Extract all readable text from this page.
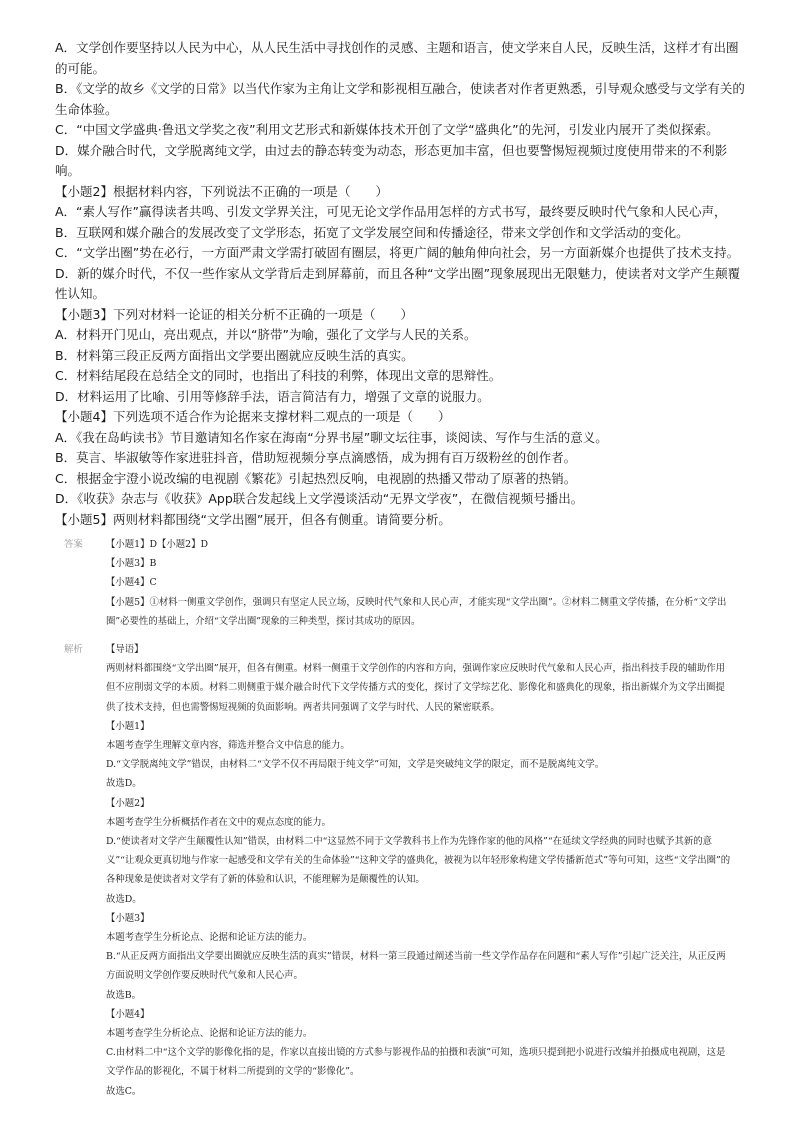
A．文学创作要坚持以人民为中心，从人民生活中寻找创作的灵感、主题和语言，使文学来自人民，反映生活，这样才有出圈的可能。

B．《文学的故乡《文学的日常》以当代作家为主角让文学和影视相互融合，使读者对作者更熟悉，引导观众感受与文学有关的生命体验。

C．“中国文学盛典·鲁迅文学奖之夜”利用文艺形式和新媒体技术开创了文学“盛典化”的先河，引发业内展开了类似探索。

D．媒介融合时代，文学脱离纯文学，由过去的静态转变为动态，形态更加丰富，但也要警惕短视频过度使用带来的不利影响。

【小题2】根据材料内容，下列说法不正确的一项是（　　）

A．“素人写作”赢得读者共鸣、引发文学界关注，可见无论文学作品用怎样的方式书写，最终要反映时代气象和人民心声，

B．互联网和媒介融合的发展改变了文学形态，拓宽了文学发展空间和传播途径，带来文学创作和文学活动的变化。

C．“文学出圈”势在必行，一方面严肃文学需打破固有圈层，将更广阔的触角伸向社会，另一方面新媒介也提供了技术支持。

D．新的媒介时代，不仅一些作家从文学背后走到屏幕前，而且各种“文学出圈”现象展现出无限魅力，使读者对文学产生颠覆性认知。

【小题3】下列对材料一论证的相关分析不正确的一项是（　　）

A．材料开门见山，亮出观点，并以“脐带”为喻，强化了文学与人民的关系。

B．材料第三段正反两方面指出文学要出圈就应反映生活的真实。

C．材料结尾段在总结全文的同时，也指出了科技的利弊，体现出文章的思辩性。

D．材料运用了比喻、引用等修辞手法，语言简洁有力，增强了文章的说服力。

【小题4】下列选项不适合作为论据来支撑材料二观点的一项是（　　）

A．《我在岛屿读书》节目邀请知名作家在海南“分界书屋”聊文坛往事，谈阅读、写作与生活的意义。

B．莫言、毕淑敏等作家进驻抖音，借助短视频分享点滴感悟，成为拥有百万级粉丝的创作者。

C．根据金宇澄小说改编的电视剧《繁花》引起热烈反响，电视剧的热播又带动了原著的热销。

D．《收获》杂志与《收获》App联合发起线上文学漫谈活动“无界文学夜”，在微信视频号播出。

【小题5】两则材料都围绕“文学出圈”展开，但各有侧重。请简要分析。

答案	【小题1】D【小题2】D

【小题3】B

【小题4】C

【小题5】①材料一侧重文学创作，强调只有坚定人民立场，反映时代气象和人民心声，才能实现“文学出圈”。②材料二侧重文学传播，在分析“文学出圈”必要性的基础上，介绍“文学出圈”现象的三种类型，探讨其成功的原因。

解析	【导语】

两则材料都围绕“文学出圈”展开，但各有侧重。材料一侧重于文学创作的内容和方向，强调作家应反映时代气象和人民心声，指出科技手段的辅助作用但不应削弱文学的本质。材料二则侧重于媒介融合时代下文学传播方式的变化，探讨了文学综艺化、影像化和盛典化的现象，指出新媒介为文学出圈提供了技术支持，但也需警惕短视频的负面影响。两者共同强调了文学与时代、人民的紧密联系。

【小题1】

本题考查学生理解文章内容，筛选并整合文中信息的能力。

D.“文学脱离纯文学”错误，由材料二“文学不仅不再局限于纯文学”可知，文学是突破纯文学的限定，而不是脱离纯文学。

故选D。

【小题2】

本题考查学生分析概括作者在文中的观点态度的能力。

D.“使读者对文学产生颠覆性认知”错误，由材料二中“这显然不同于文学教科书上作为先锋作家的他的风格”“在延续文学经典的同时也赋予其新的意义”“让观众更真切地与作家一起感受和文学有关的生命体验”“这种文学的盛典化，被视为以年轻形象构建文学传播新范式”等句可知，这些“文学出圈”的各种现象是使读者对文学有了新的体验和认识，不能理解为是颠覆性的认知。

故选D。

【小题3】

本题考查学生分析论点、论据和论证方法的能力。

B.“从正反两方面指出文学要出圈就应反映生活的真实”错误，材料一第三段通过阐述当前一些文学作品存在问题和“素人写作”引起广泛关注，从正反两方面说明文学创作要反映时代气象和人民心声。

故选B。

【小题4】

本题考查学生分析论点、论据和论证方法的能力。

C.由材料二中“这个文学的影像化指的是，作家以直接出镜的方式参与影视作品的拍摄和表演”可知，选项只提到把小说进行改编并拍摄成电视剧，这是文学作品的影视化，不属于材料二所提到的文学的“影像化”。

故选C。
